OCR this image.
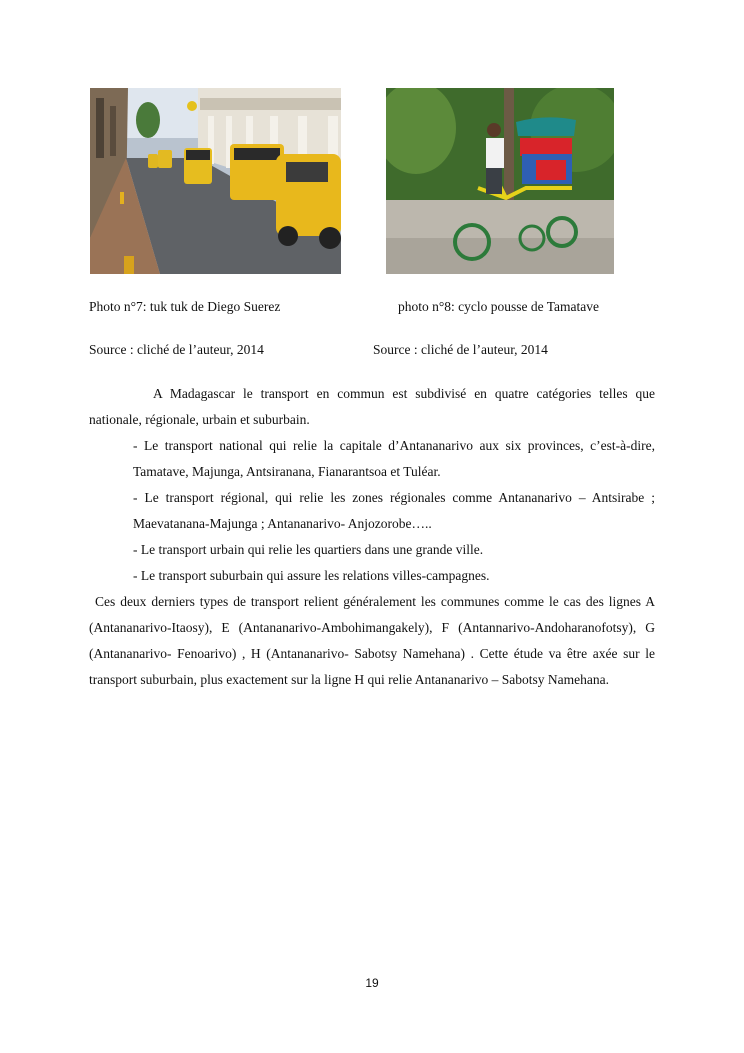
Photo n°7: tuk tuk de Diego Suerez	photo n°8: cyclo pousse de Tamatave
Source : cliché de l’auteur, 2014	Source : cliché de l’auteur, 2014

A Madagascar le transport en commun est subdivisé en quatre catégories telles que nationale, régionale, urbain et suburbain.

- Le transport national qui relie la capitale d’Antananarivo aux six provinces, c’est-à-dire, Tamatave, Majunga, Antsiranana, Fianarantsoa et Tuléar.

- Le transport régional, qui relie les zones régionales comme Antananarivo – Antsirabe ; Maevatanana-Majunga ; Antananarivo- Anjozorobe…..

- Le transport urbain qui relie les quartiers dans une grande ville.

- Le transport suburbain qui assure les relations villes-campagnes.

Ces deux derniers types de transport relient généralement les communes comme le cas des lignes A (Antananarivo-Itaosy), E (Antananarivo-Ambohimangakely), F (Antannarivo-Andoharanofotsy), G (Antananarivo- Fenoarivo) , H (Antananarivo- Sabotsy Namehana) . Cette étude va être axée sur le transport suburbain, plus exactement sur la ligne H qui relie Antananarivo – Sabotsy Namehana.

19
